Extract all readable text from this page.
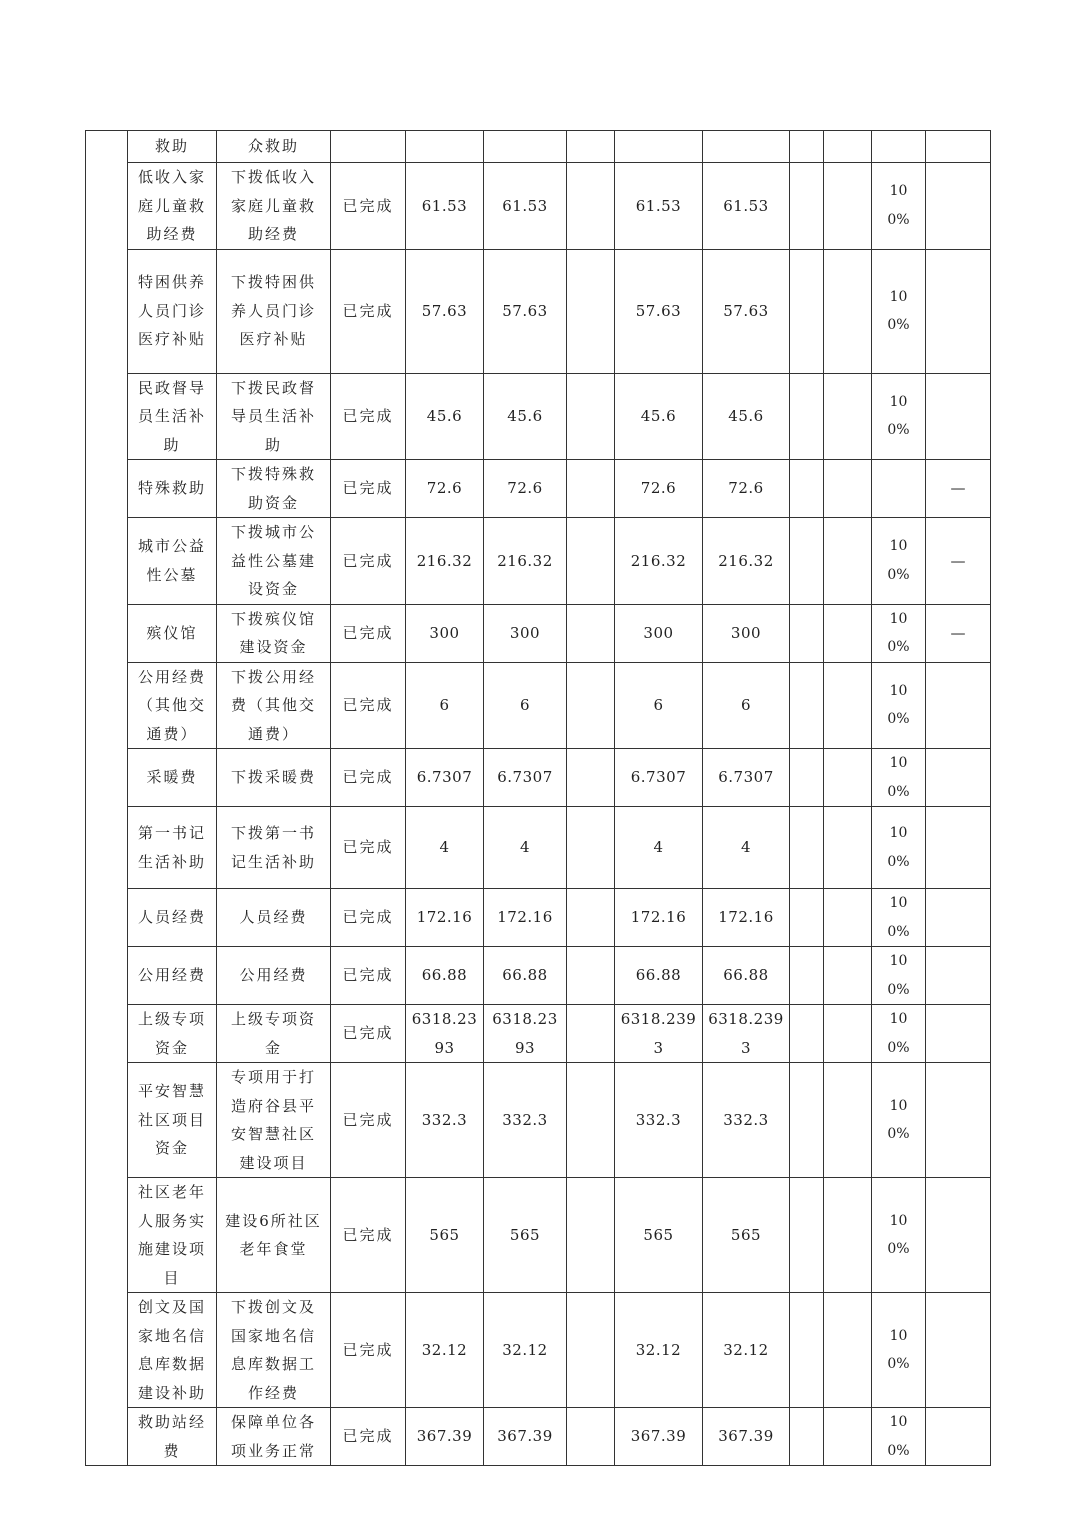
	救助	众救助										
	低收入家庭儿童救助经费	下拨低收入家庭儿童救助经费	已完成	61.53	61.53		61.53	61.53			100%	
	特困供养人员门诊医疗补贴	下拨特困供养人员门诊医疗补贴	已完成	57.63	57.63		57.63	57.63			100%	
	民政督导员生活补助	下拨民政督导员生活补助	已完成	45.6	45.6		45.6	45.6			100%	
	特殊救助	下拨特殊救助资金	已完成	72.6	72.6		72.6	72.6				—
	城市公益性公墓	下拨城市公益性公墓建设资金	已完成	216.32	216.32		216.32	216.32			100%	—
	殡仪馆	下拨殡仪馆建设资金	已完成	300	300		300	300			100%	—
	公用经费（其他交通费）	下拨公用经费（其他交通费）	已完成	6	6		6	6			100%	
	采暖费	下拨采暖费	已完成	6.7307	6.7307		6.7307	6.7307			100%	
	第一书记生活补助	下拨第一书记生活补助	已完成	4	4		4	4			100%	
	人员经费	人员经费	已完成	172.16	172.16		172.16	172.16			100%	
	公用经费	公用经费	已完成	66.88	66.88		66.88	66.88			100%	
	上级专项资金	上级专项资金	已完成	6318.2393	6318.2393		6318.2393	6318.2393			100%	
	平安智慧社区项目资金	专项用于打造府谷县平安智慧社区建设项目	已完成	332.3	332.3		332.3	332.3			100%	
	社区老年人服务实施建设项目	建设6所社区老年食堂	已完成	565	565		565	565			100%	
	创文及国家地名信息库数据建设补助	下拨创文及国家地名信息库数据工作经费	已完成	32.12	32.12		32.12	32.12			100%	
	救助站经费	保障单位各项业务正常	已完成	367.39	367.39		367.39	367.39			100%	
